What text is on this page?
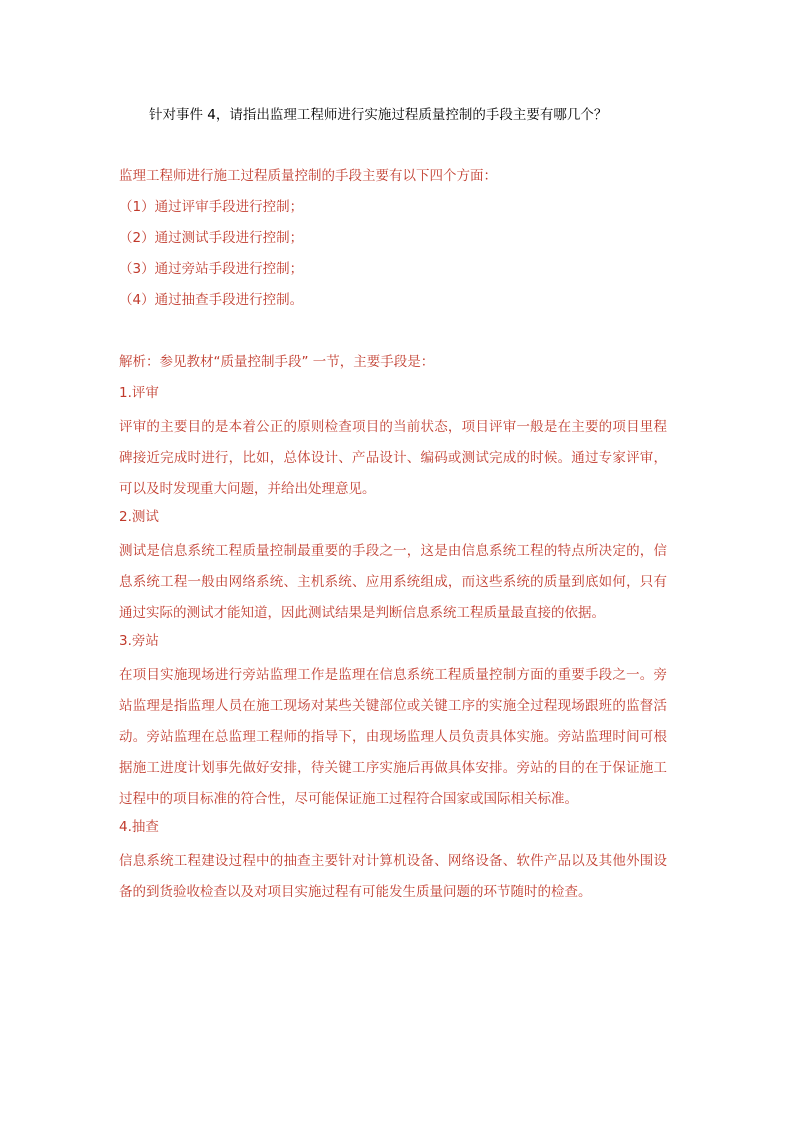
针对事件 4，请指出监理工程师进行实施过程质量控制的手段主要有哪几个？
监理工程师进行施工过程质量控制的手段主要有以下四个方面：
（1）通过评审手段进行控制；
（2）通过测试手段进行控制；
（3）通过旁站手段进行控制；
（4）通过抽查手段进行控制。
解析：参见教材“质量控制手段” 一节，主要手段是：
1.评审
评审的主要目的是本着公正的原则检查项目的当前状态，项目评审一般是在主要的项目里程碑接近完成时进行，比如，总体设计、产品设计、编码或测试完成的时候。通过专家评审，可以及时发现重大问题，并给出处理意见。
2.测试
测试是信息系统工程质量控制最重要的手段之一，这是由信息系统工程的特点所决定的，信息系统工程一般由网络系统、主机系统、应用系统组成，而这些系统的质量到底如何，只有通过实际的测试才能知道，因此测试结果是判断信息系统工程质量最直接的依据。
3.旁站
在项目实施现场进行旁站监理工作是监理在信息系统工程质量控制方面的重要手段之一。旁站监理是指监理人员在施工现场对某些关键部位或关键工序的实施全过程现场跟班的监督活动。旁站监理在总监理工程师的指导下，由现场监理人员负责具体实施。旁站监理时间可根据施工进度计划事先做好安排，待关键工序实施后再做具体安排。旁站的目的在于保证施工过程中的项目标准的符合性，尽可能保证施工过程符合国家或国际相关标准。
4.抽查
信息系统工程建设过程中的抽查主要针对计算机设备、网络设备、软件产品以及其他外围设备的到货验收检查以及对项目实施过程有可能发生质量问题的环节随时的检查。
